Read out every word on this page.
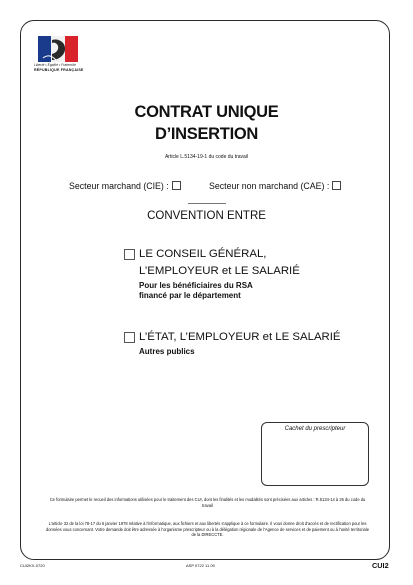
Liberté • Égalité • Fraternité
RÉPUBLIQUE FRANÇAISE
CONTRAT UNIQUE
D’INSERTION
Article L.5134-19-1 du code du travail
Secteur marchand (CIE) :	Secteur non marchand (CAE) :
CONVENTION ENTRE
LE CONSEIL GÉNÉRAL,
L’EMPLOYEUR et LE SALARIÉ
Pour les bénéficiaires du RSA
financé par le département
L’ÉTAT, L’EMPLOYEUR et LE SALARIÉ
Autres publics
Cachet du prescripteur
Ce formulaire permet le recueil des informations utilisées pour le traitement des CUI, dont les finalités et les modalités sont précisées aux articles : R.5134-14 à 26 du code du travail
L'article 32 de la loi 78-17 du 6 janvier 1978 relative à l'informatique, aux fichiers et aux libertés s'applique à ce formulaire. Il vous donne droit d'accès et de rectification pour les données vous concernant. Votre demande doit être adressée à l'organisme prescripteur ou à la délégation régionale de l'Agence de services et de paiement ou à l'unité territoriale de la DIRECCTE.
CUI2KX-0720	ASP 0722 11 09	CUI2
